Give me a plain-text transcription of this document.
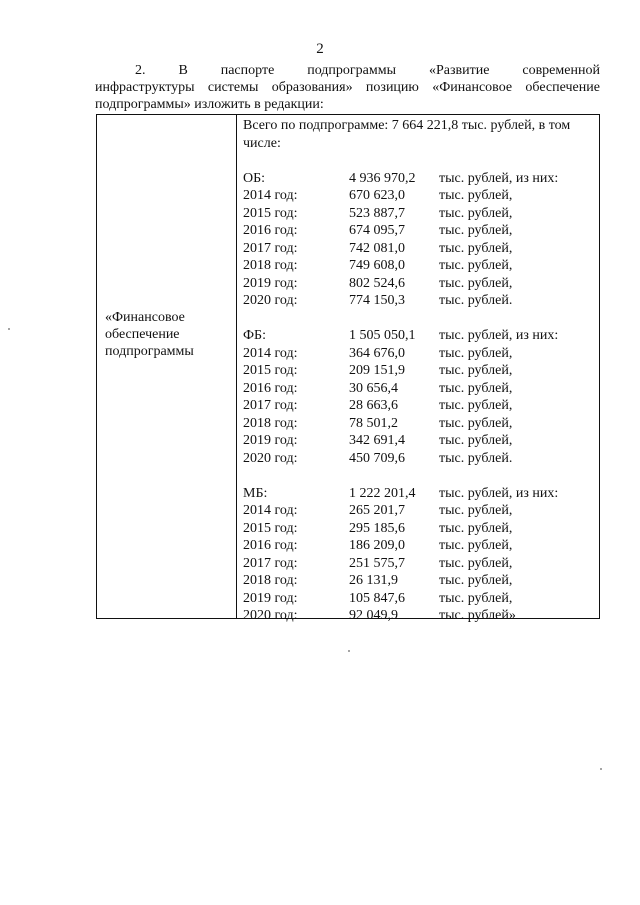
2
2. В паспорте подпрограммы «Развитие современной
инфраструктуры системы образования» позицию «Финансовое обеспечение
подпрограммы» изложить в редакции:
«Финансовое
обеспечение
подпрограммы
Всего по подпрограмме: 7 664 221,8 тыс. рублей, в том
числе:
ОБ:	4 936 970,2	тыс. рублей, из них:
2014 год:	670 623,0	тыс. рублей,
2015 год:	523 887,7	тыс. рублей,
2016 год:	674 095,7	тыс. рублей,
2017 год:	742 081,0	тыс. рублей,
2018 год:	749 608,0	тыс. рублей,
2019 год:	802 524,6	тыс. рублей,
2020 год:	774 150,3	тыс. рублей.
ФБ:	1 505 050,1	тыс. рублей, из них:
2014 год:	364 676,0	тыс. рублей,
2015 год:	209 151,9	тыс. рублей,
2016 год:	30 656,4	тыс. рублей,
2017 год:	28 663,6	тыс. рублей,
2018 год:	78 501,2	тыс. рублей,
2019 год:	342 691,4	тыс. рублей,
2020 год:	450 709,6	тыс. рублей.
МБ:	1 222 201,4	тыс. рублей, из них:
2014 год:	265 201,7	тыс. рублей,
2015 год:	295 185,6	тыс. рублей,
2016 год:	186 209,0	тыс. рублей,
2017 год:	251 575,7	тыс. рублей,
2018 год:	26 131,9	тыс. рублей,
2019 год:	105 847,6	тыс. рублей,
2020 год:	92 049,9	тыс. рублей»
